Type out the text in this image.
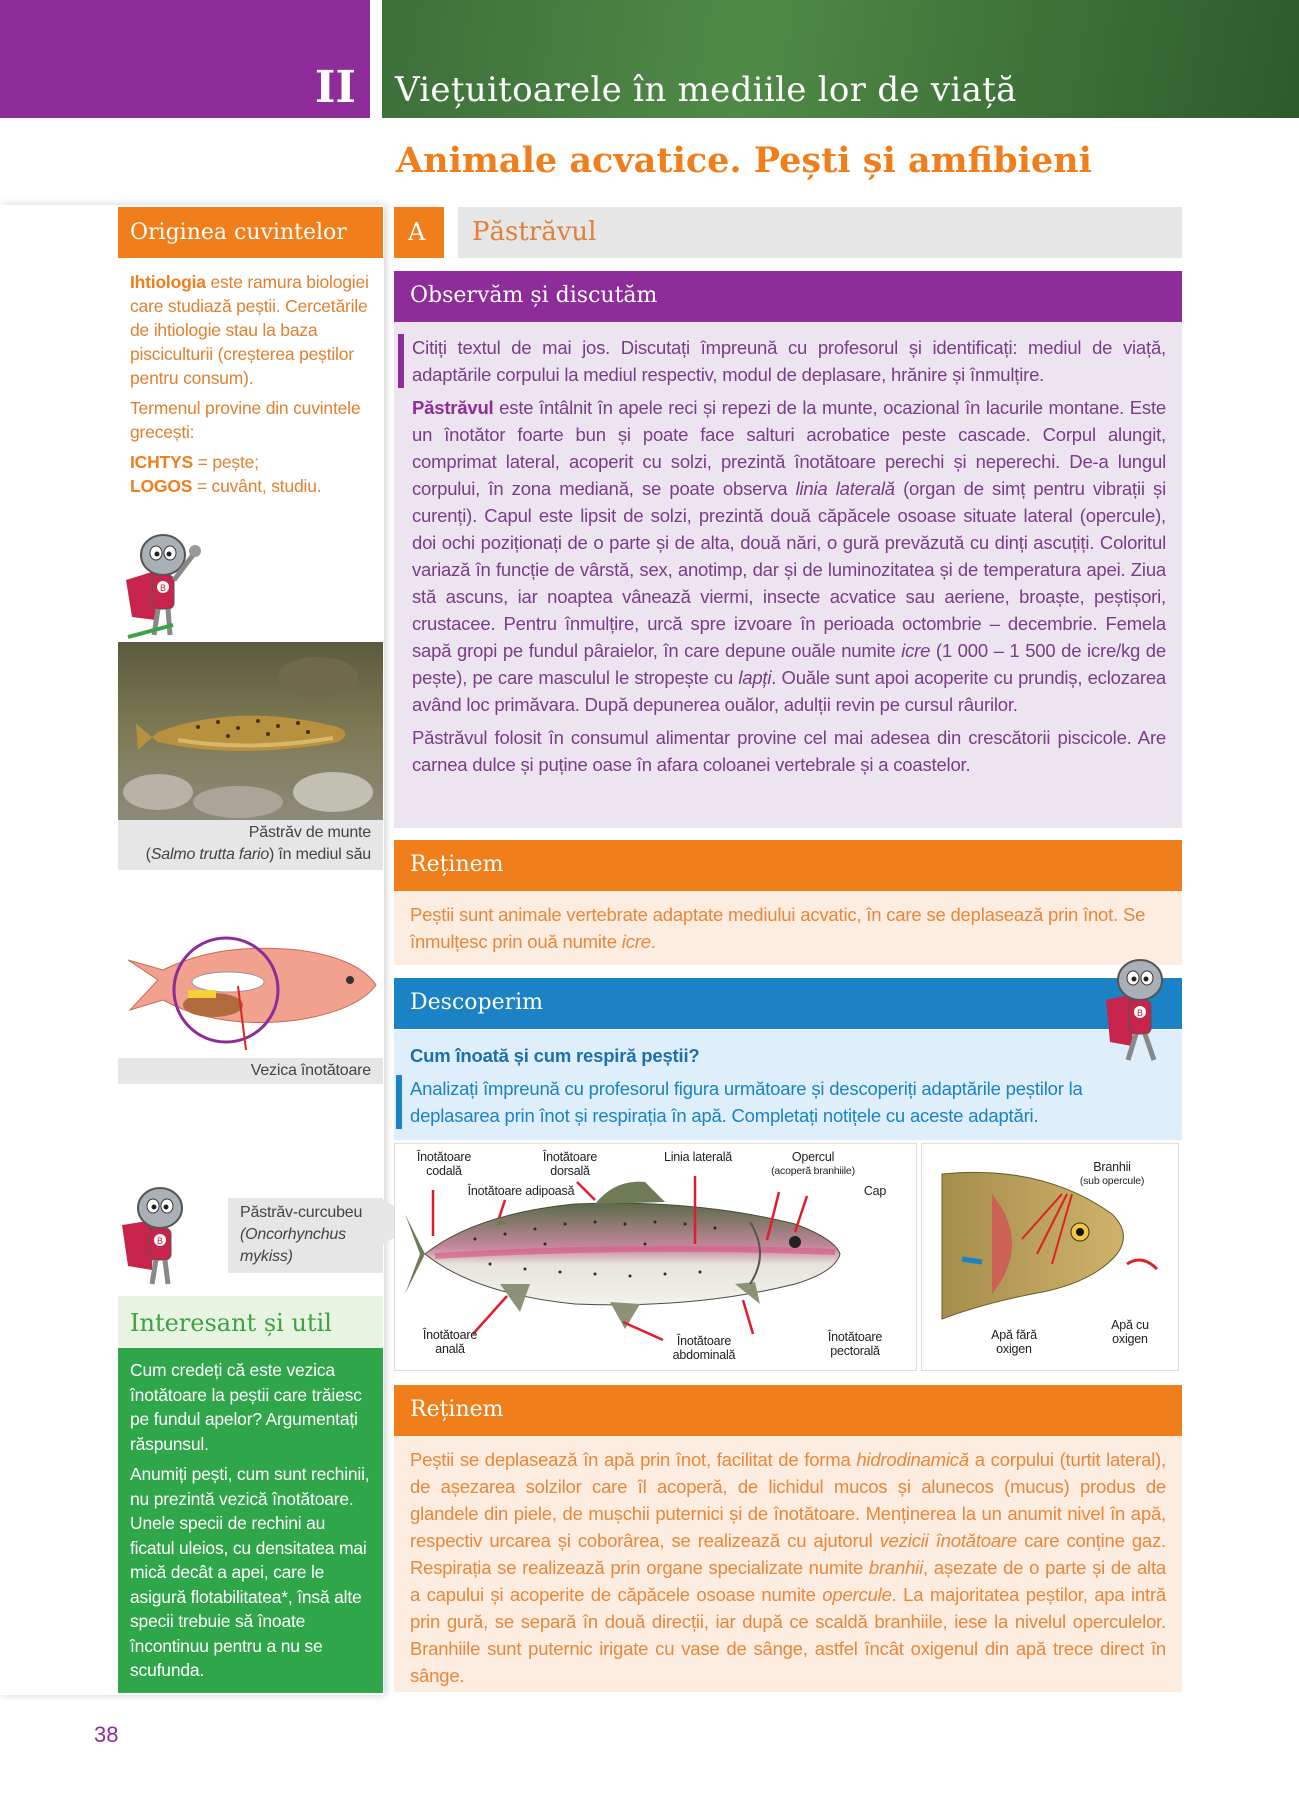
II Viețuitoarele în mediile lor de viață
Animale acvatice. Pești și amfibieni
Originea cuvintelor

Ihtiologia este ramura biologiei care studiază peștii. Cercetările de ihtiologie stau la baza pisciculturii (creșterea peștilor pentru consum).

Termenul provine din cuvintele grecești:

ICHTYS = pește;
LOGOS = cuvânt, studiu.
B
Păstrăv de munte
(Salmo trutta fario) în mediul său
Vezica înotătoare
B
Păstrăv-curcubeu
(Oncorhynchus
mykiss)
Interesant și util

Cum credeți că este vezica înotătoare la peștii care trăiesc pe fundul apelor? Argumentați răspunsul.

Anumiți pești, cum sunt rechinii, nu prezintă vezică înotătoare. Unele specii de rechini au ficatul uleios, cu densitatea mai mică decât a apei, care le asigură flotabilitatea*, însă alte specii trebuie să înoate încontinuu pentru a nu se scufunda.

A	Păstrăvul
Observăm și discutăm

Citiți textul de mai jos. Discutați împreună cu profesorul și identificați: mediul de viață, adaptările corpului la mediul respectiv, modul de deplasare, hrănire și înmulțire.

Păstrăvul este întâlnit în apele reci și repezi de la munte, ocazional în lacurile montane. Este un înotător foarte bun și poate face salturi acrobatice peste cascade. Corpul alungit, comprimat lateral, acoperit cu solzi, prezintă înotătoare perechi și neperechi. De-a lungul corpului, în zona mediană, se poate observa linia laterală (organ de simț pentru vibrații și curenți). Capul este lipsit de solzi, prezintă două căpăcele osoase situate lateral (opercule), doi ochi poziționați de o parte și de alta, două nări, o gură prevăzută cu dinți ascuțiți. Coloritul variază în funcție de vârstă, sex, anotimp, dar și de luminozitatea și de temperatura apei. Ziua stă ascuns, iar noaptea vânează viermi, insecte acvatice sau aeriene, broaște, peștișori, crustacee. Pentru înmulțire, urcă spre izvoare în perioada octombrie – decembrie. Femela sapă gropi pe fundul pâraielor, în care depune ouăle numite icre (1 000 – 1 500 de icre/kg de pește), pe care masculul le stropește cu lapți. Ouăle sunt apoi acoperite cu prundiș, eclozarea având loc primăvara. După depunerea ouălor, adulții revin pe cursul râurilor.

Păstrăvul folosit în consumul alimentar provine cel mai adesea din crescătorii piscicole. Are carnea dulce și puține oase în afara coloanei vertebrale și a coastelor.

Reținem
Peștii sunt animale vertebrate adaptate mediului acvatic, în care se deplasează prin înot. Se înmulțesc prin ouă numite icre.
Descoperim
Cum înoată și cum respiră peștii?
Analizați împreună cu profesorul figura următoare și descoperiți adaptările peștilor la deplasarea prin înot și respirația în apă. Completați notițele cu aceste adaptări.
B
Înotătoare codală
Înotătoare dorsală
Înotătoare adipoasă
Linia laterală	Opercul
(acoperă branhiile)
Cap
Înotătoare anală
Înotătoare abdominală
Înotătoare pectorală
Branhii
(sub opercule)
Apă fără oxigen
Apă cu oxigen
Reținem
Peștii se deplasează în apă prin înot, facilitat de forma hidrodinamică a corpului (turtit lateral), de așezarea solzilor care îl acoperă, de lichidul mucos și alunecos (mucus) produs de glandele din piele, de mușchii puternici și de înotătoare. Menținerea la un anumit nivel în apă, respectiv urcarea și coborârea, se realizează cu ajutorul vezicii înotătoare care conține gaz. Respirația se realizează prin organe specializate numite branhii, așezate de o parte și de alta a capului și acoperite de căpăcele osoase numite opercule. La majoritatea peștilor, apa intră prin gură, se separă în două direcții, iar după ce scaldă branhiile, iese la nivelul operculelor. Branhiile sunt puternic irigate cu vase de sânge, astfel încât oxigenul din apă trece direct în sânge.
38
